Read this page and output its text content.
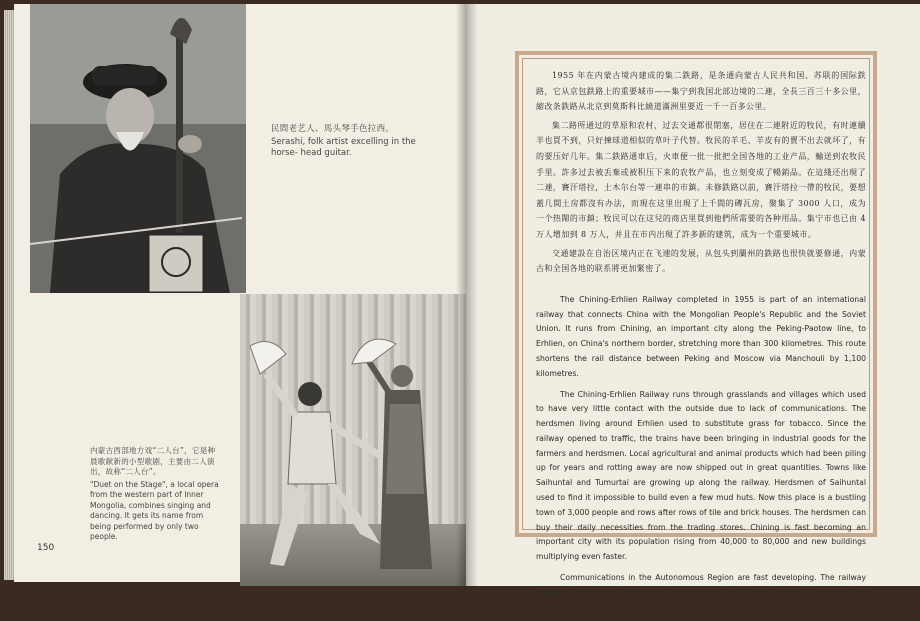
民間老艺人、馬头琴手色拉西。
Serashi, folk artist excelling in the horse- head guitar.
内蒙古西部地方戏“二人台”，它是种晨歌献新的小型歌剧，主要由二人演出，故称“二人台”。
"Duet on the Stage", a local opera from the western part of Inner Mongolia, combines singing and dancing. It gets its name from being performed by only two people.
150

1955 年在内蒙古境内建成的集二鉄路，是条通向蒙古人民共和国、苏联的国际鉄路，它从京包鉄路上的重要城市——集宁到我国北部边境的二連，全長三百三十多公里，縮改条鉄路从北京到莫斯科比繞道滿洲里要近一千一百多公里。

集二路所通过的草原和农村，过去交通都很閉塞，居住在二連附近的牧民，有时連續半也買不到，只好揀球道相似的草叶子代替。牧民的羊毛、羊皮有的賣不出去就坏了，有的要压好几年。集二鉄路通車后，火車便一批一批把全国各地的工业产品，輸送到农牧民手里。許多过去被丢棄或被积压下来的农牧产品，也立刻变成了暢銷品。在這綫还出現了二連，賽汗塔拉，土木尔台等一連串的市鎮。未修鉄路以前，賽汗塔拉一帶的牧民，要想蓋几間土房都沒有办法，而現在这里出現了上千間的磚瓦房，聚集了 3000 人口，成为一个热閙的市鎮；牧民可以在这兒的商店里買到他們所需要的各种用品。集宁市也已由 4 万人增加到 8 万人，并且在市内出現了許多新的建筑，成为一个重要城市。

交通建設在自治区境内正在飞速的发展，从包头到蘭州的鉄路也很快就要修通，内蒙古和全国各地的联系將更加緊密了。

The Chining-Erhlien Railway completed in 1955 is part of an international railway that connects China with the Mongolian People's Republic and the Soviet Union. It runs from Chining, an important city along the Peking-Paotow line, to Erhlien, on China's northern border, stretching more than 300 kilometres. This route shortens the rail distance between Peking and Moscow via Manchouli by 1,100 kilometres.

The Chining-Erhlien Railway runs through grasslands and villages which used to have very little contact with the outside due to lack of communications. The herdsmen living around Erhlien used to substitute grass for tobacco. Since the railway opened to traffic, the trains have been bringing in industrial goods for the farmers and herdsmen. Local agricultural and animal products which had been piling up for years and rotting away are now shipped out in great quantities. Towns like Saihuntal and Tumurtai are growing up along the railway. Herdsmen of Saihuntal used to find it impossible to build even a few mud huts. Now this place is a bustling town of 3,000 people and rows after rows of tile and brick houses. The herdsmen can buy their daily necessities from the trading stores. Chining is fast becoming an important city with its population rising from 40,000 to 80,000 and new buildings multiplying even faster.

Communications in the Autonomous Region are fast developing. The railway between Paotow and Lanchow will soon open to traffic. Inner Mongolia is coming into ever closer contact with the rest of the country.
